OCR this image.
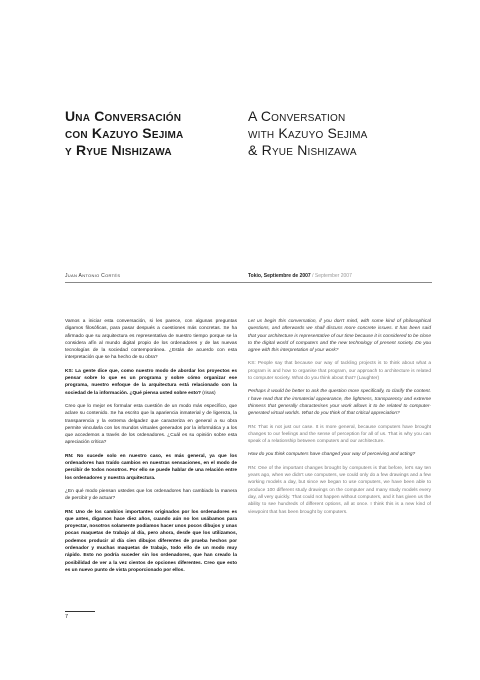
Una Conversación
con Kazuyo Sejima
y Ryue Nishizawa
A Conversation
with Kazuyo Sejima
& Ryue Nishizawa
Juan Antonio Cortés	Tokio, Septiembre de 2007 / September 2007

Vamos a iniciar esta conversación, si les parece, con algunas preguntas digamos filosóficas, para pasar después a cuestiones más concretas. Se ha afirmado que su arquitectura es representativa de nuestro tiempo porque se la considera afín al mundo digital propio de los ordenadores y de las nuevas tecnologías de la sociedad contemporánea. ¿Están de acuerdo con esta interpretación que se ha hecho de su obra?

KS: La gente dice que, como nuestro modo de abordar los proyectos es pensar sobre lo que es un programa y sobre cómo organizar ese programa, nuestro enfoque de la arquitectura está relacionado con la sociedad de la información. ¿Qué piensa usted sobre esto? (risas)

Creo que lo mejor es formular esta cuestión de un modo más específico, que aclare su contenido. Se ha escrito que la apariencia inmaterial y de ligereza, la transparencia y la extrema delgadez que caracteriza en general a su obra permite vincularla con los mundos virtuales generados por la informática y a los que accedemos a través de los ordenadores. ¿Cuál es su opinión sobre esta apreciación crítica?

RN: No sucede solo en nuestro caso, es más general, ya que los ordenadores han traído cambios en nuestras sensaciones, en el modo de percibir de todos nosotros. Por ello se puede hablar de una relación entre los ordenadores y nuestra arquitectura.

¿En qué modo piensan ustedes que los ordenadores han cambiado la manera de percibir y de actuar?

RN: Uno de los cambios importantes originados por los ordenadores es que antes, digamos hace diez años, cuando aún no los usábamos para proyectar, nosotros solamente podíamos hacer unos pocos dibujos y unas pocas maquetas de trabajo al día, pero ahora, desde que los utilizamos, podemos producir al día cien dibujos diferentes de prueba hechos por ordenador y muchas maquetas de trabajo, todo ello de un modo muy rápido. Esto no podría suceder sin los ordenadores, que han creado la posibilidad de ver a la vez cientos de opciones diferentes. Creo que esto es un nuevo punto de vista proporcionado por ellos.

Let us begin this conversation, if you don't mind, with some kind of philosophical questions, and afterwards we shall discuss more concrete issues. It has been said that your architecture is representative of our time because it is considered to be close to the digital world of computers and the new technology of present society. Do you agree with this interpretation of your work?

KS: People say that because our way of tackling projects is to think about what a program is and how to organise that program, our approach to architecture is related to computer society. What do you think about that? (Laughter)

Perhaps it would be better to ask the question more specifically, to clarify the content. I have read that the immaterial appearance, the lightness, transparency and extreme thinness that generally characterises your work allows it to be related to computer-generated virtual worlds. What do you think of that critical appreciation?

RN: That is not just our case. It is more general, because computers have brought changes to our feelings and the sense of perception for all of us. That is why you can speak of a relationship between computers and our architecture.

How do you think computers have changed your way of perceiving and acting?

RN: One of the important changes brought by computers is that before, let's say ten years ago, when we didn't use computers, we could only do a few drawings and a few working models a day, but since we began to use computers, we have been able to produce 100 different study drawings on the computer and many study models every day, all very quickly. That could not happen without computers, and it has given us the ability to see hundreds of different options, all at once. I think this is a new kind of viewpoint that has been brought by computers.

7
